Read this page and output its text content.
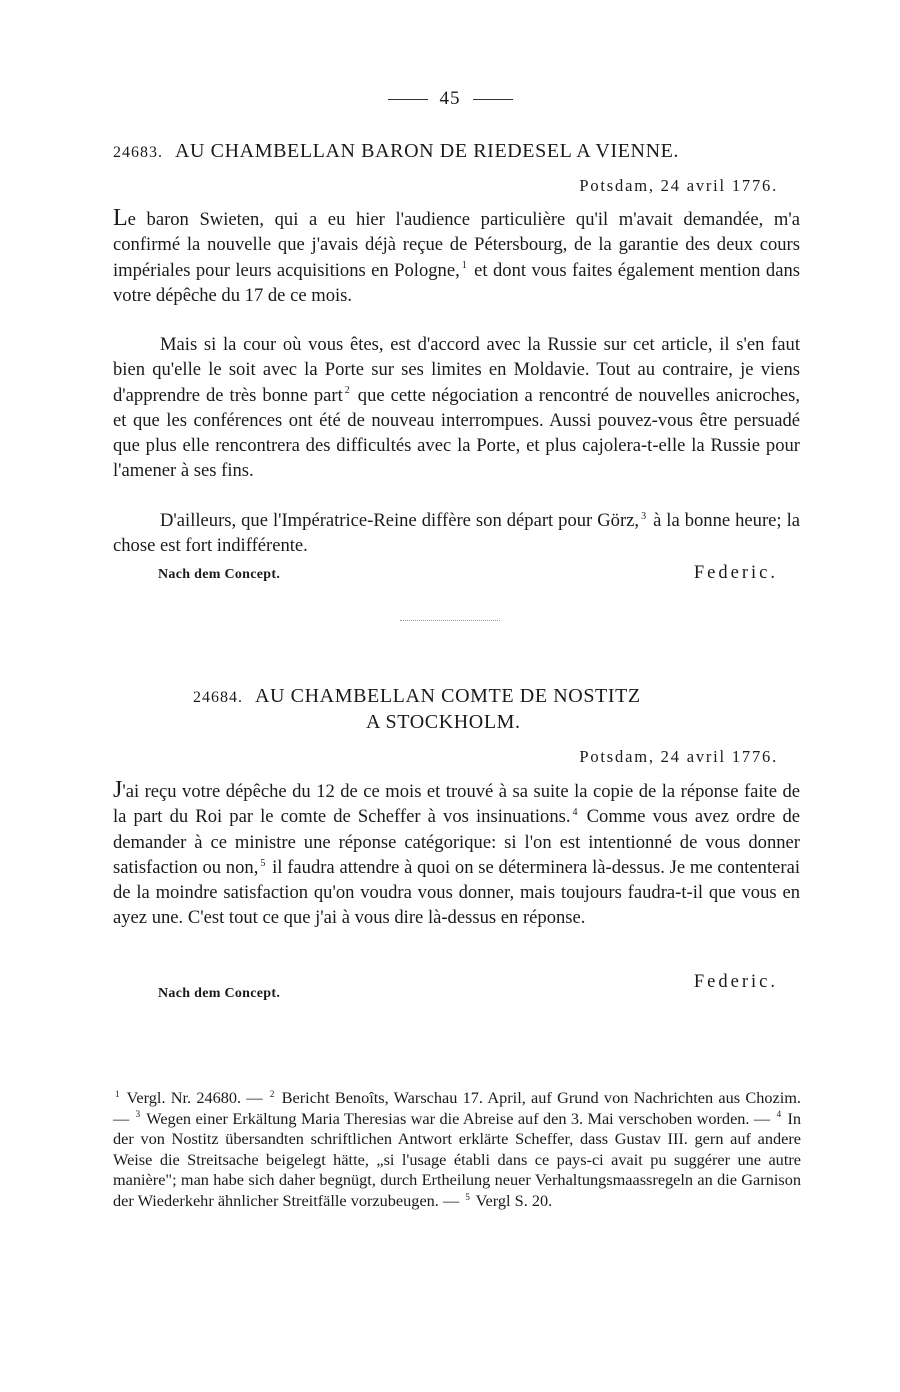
45
24683. AU CHAMBELLAN BARON DE RIEDESEL A VIENNE.
Potsdam, 24 avril 1776.

Le baron Swieten, qui a eu hier l'audience particulière qu'il m'avait demandée, m'a confirmé la nouvelle que j'avais déjà reçue de Pétersbourg, de la garantie des deux cours impériales pour leurs acquisitions en Pologne, $^1$ et dont vous faites également mention dans votre dépêche du 17 de ce mois.

Mais si la cour où vous êtes, est d'accord avec la Russie sur cet article, il s'en faut bien qu'elle le soit avec la Porte sur ses limites en Moldavie. Tout au contraire, je viens d'apprendre de très bonne part $^2$ que cette négociation a rencontré de nouvelles anicroches, et que les conférences ont été de nouveau interrompues. Aussi pouvez-vous être persuadé que plus elle rencontrera des difficultés avec la Porte, et plus cajolera-t-elle la Russie pour l'amener à ses fins.

D'ailleurs, que l'Impératrice-Reine diffère son départ pour Görz, $^3$ à la bonne heure; la chose est fort indifférente.

Nach dem Concept.	Federic.
24684. AU CHAMBELLAN COMTE DE NOSTITZ
A STOCKHOLM.
Potsdam, 24 avril 1776.

J'ai reçu votre dépêche du 12 de ce mois et trouvé à sa suite la copie de la réponse faite de la part du Roi par le comte de Scheffer à vos insinuations. $^4$ Comme vous avez ordre de demander à ce ministre une réponse catégorique: si l'on est intentionné de vous donner satisfaction ou non, $^5$ il faudra attendre à quoi on se déterminera là-dessus. Je me contenterai de la moindre satisfaction qu'on voudra vous donner, mais toujours faudra-t-il que vous en ayez une. C'est tout ce que j'ai à vous dire là-dessus en réponse.

Nach dem Concept.
Federic.

$^1$ Vergl. Nr. 24680. — $^2$ Bericht Benoîts, Warschau 17. April, auf Grund von Nachrichten aus Chozim. — $^3$ Wegen einer Erkältung Maria Theresias war die Abreise auf den 3. Mai verschoben worden. — $^4$ In der von Nostitz übersandten schriftlichen Antwort erklärte Scheffer, dass Gustav III. gern auf andere Weise die Streitsache beigelegt hätte, „si l'usage établi dans ce pays-ci avait pu suggérer une autre manière"; man habe sich daher begnügt, durch Ertheilung neuer Verhaltungsmaassregeln an die Garnison der Wiederkehr ähnlicher Streitfälle vorzubeugen. — $^5$ Vergl S. 20.
